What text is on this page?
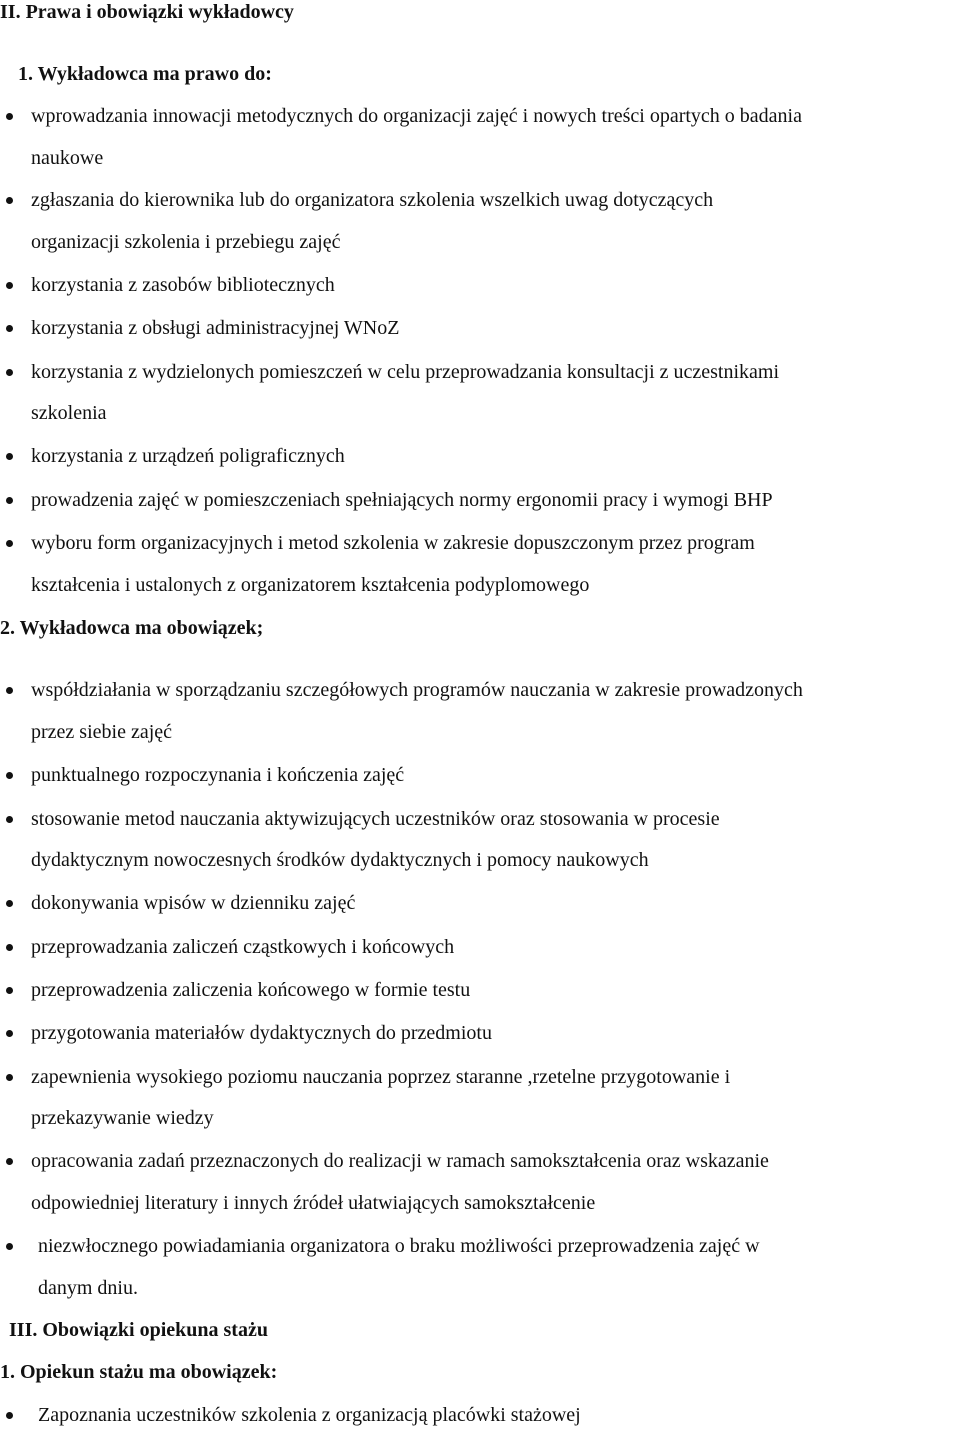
II. Prawa i obowiązki wykładowcy
1. Wykładowca ma prawo do:
wprowadzania innowacji metodycznych do organizacji zajęć i nowych treści opartych o badania
naukowe
zgłaszania do kierownika lub do organizatora szkolenia wszelkich uwag dotyczących
organizacji szkolenia i przebiegu zajęć
korzystania z zasobów bibliotecznych
korzystania z obsługi administracyjnej WNoZ
korzystania z wydzielonych pomieszczeń w celu przeprowadzania konsultacji z uczestnikami
szkolenia
korzystania z urządzeń poligraficznych
prowadzenia zajęć w pomieszczeniach spełniających normy ergonomii pracy i wymogi BHP
wyboru form organizacyjnych i metod szkolenia w zakresie dopuszczonym przez program
kształcenia i ustalonych z organizatorem kształcenia podyplomowego
2. Wykładowca ma obowiązek;
współdziałania w sporządzaniu szczegółowych programów nauczania w zakresie prowadzonych
przez siebie zajęć
punktualnego rozpoczynania i kończenia zajęć
stosowanie metod nauczania aktywizujących uczestników oraz stosowania w procesie
dydaktycznym nowoczesnych środków dydaktycznych i pomocy naukowych
dokonywania wpisów w dzienniku zajęć
przeprowadzania zaliczeń cząstkowych i końcowych
przeprowadzenia zaliczenia końcowego w formie testu
przygotowania materiałów dydaktycznych do przedmiotu
zapewnienia wysokiego poziomu nauczania poprzez staranne ,rzetelne przygotowanie i
przekazywanie wiedzy
opracowania zadań przeznaczonych do realizacji w ramach samokształcenia oraz wskazanie
odpowiedniej literatury i innych źródeł ułatwiających samokształcenie
niezwłocznego powiadamiania organizatora o braku możliwości przeprowadzenia zajęć w
danym dniu.
III. Obowiązki opiekuna stażu
1. Opiekun stażu ma obowiązek:
Zapoznania uczestników szkolenia z organizacją placówki stażowej
